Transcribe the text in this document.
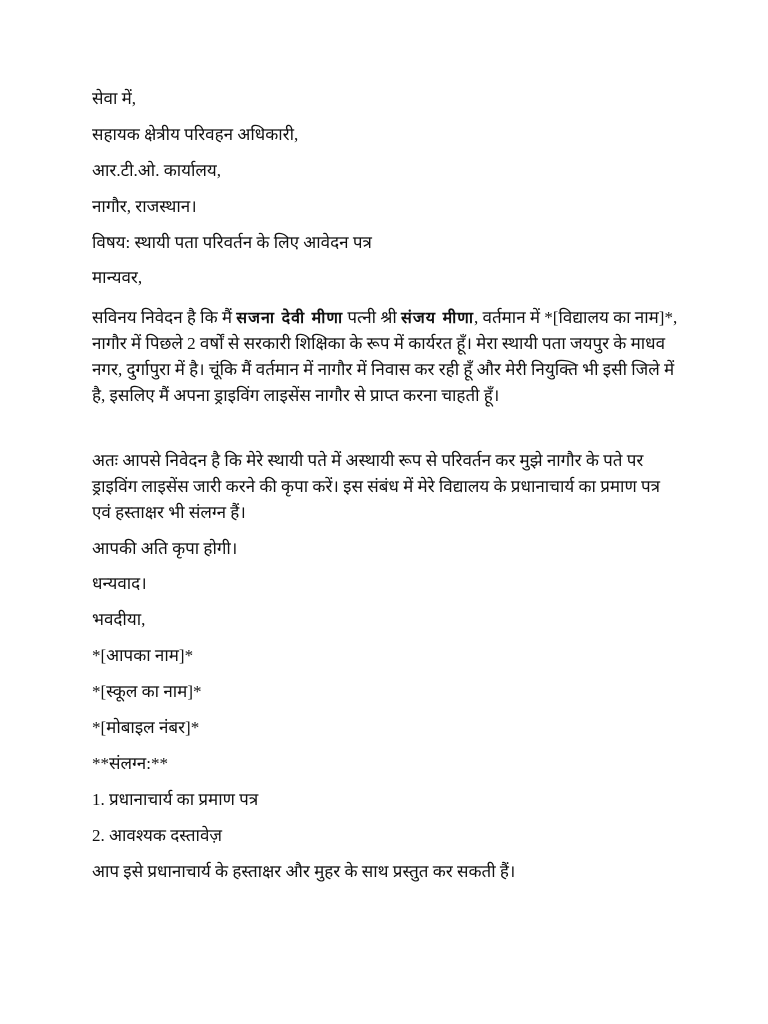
सेवा में,
सहायक क्षेत्रीय परिवहन अधिकारी,
आर.टी.ओ. कार्यालय,
नागौर, राजस्थान।
विषय: स्थायी पता परिवर्तन के लिए आवेदन पत्र
मान्यवर,
सविनय निवेदन है कि मैं सजना देवी मीणा पत्नी श्री संजय मीणा, वर्तमान में *[विद्यालय का नाम]*, नागौर में पिछले 2 वर्षों से सरकारी शिक्षिका के रूप में कार्यरत हूँ। मेरा स्थायी पता जयपुर के माधव नगर, दुर्गापुरा में है। चूंकि मैं वर्तमान में नागौर में निवास कर रही हूँ और मेरी नियुक्ति भी इसी जिले में है, इसलिए मैं अपना ड्राइविंग लाइसेंस नागौर से प्राप्त करना चाहती हूँ।
अतः आपसे निवेदन है कि मेरे स्थायी पते में अस्थायी रूप से परिवर्तन कर मुझे नागौर के पते पर ड्राइविंग लाइसेंस जारी करने की कृपा करें। इस संबंध में मेरे विद्यालय के प्रधानाचार्य का प्रमाण पत्र एवं हस्ताक्षर भी संलग्न हैं।
आपकी अति कृपा होगी।
धन्यवाद।
भवदीया,
*[आपका नाम]*
*[स्कूल का नाम]*
*[मोबाइल नंबर]*
**संलग्न:**
1. प्रधानाचार्य का प्रमाण पत्र
2. आवश्यक दस्तावेज़
आप इसे प्रधानाचार्य के हस्ताक्षर और मुहर के साथ प्रस्तुत कर सकती हैं।
